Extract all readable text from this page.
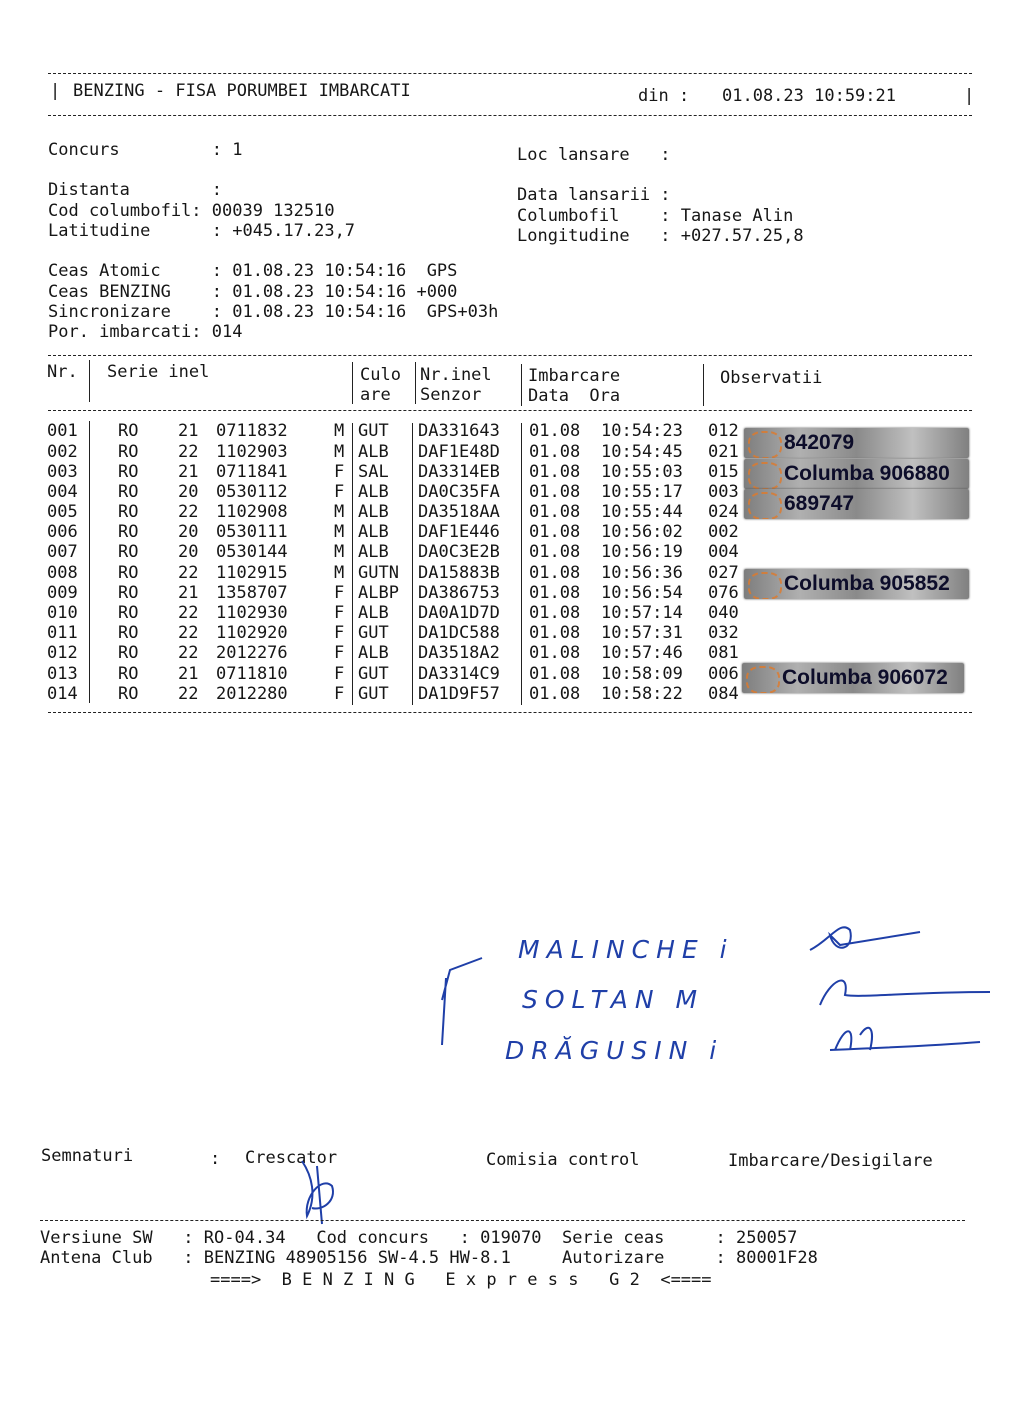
| BENZING - FISA PORUMBEI IMBARCATI	din : 01.08.23 10:59:21	|
Concurs         : 1	Loc lansare   :
Distanta        :	Data lansarii :
Cod columbofil: 00039 132510	Columbofil    : Tanase Alin
Latitudine      : +045.17.23,7	Longitudine   : +027.57.25,8
Ceas Atomic     : 01.08.23 10:54:16  GPS
Ceas BENZING    : 01.08.23 10:54:16 +000
Sincronizare    : 01.08.23 10:54:16  GPS+03h
Por. imbarcati: 014
Nr. Serie inel	Culo
are
Nr.inel
Senzor
Imbarcare
Data  Ora
Observatii
001 RO 21 0711832	M GUT DA331643 01.08 10:54:23 012
002 RO 22 1102903	M ALB DAF1E48D 01.08 10:54:45 021
003 RO 21 0711841	F SAL DA3314EB 01.08 10:55:03 015
004 RO 20 0530112	F ALB DA0C35FA 01.08 10:55:17 003
005 RO 22 1102908	M ALB DA3518AA 01.08 10:55:44 024
006 RO 20 0530111	M ALB DAF1E446 01.08 10:56:02 002
007 RO 20 0530144	M ALB DA0C3E2B 01.08 10:56:19 004
008 RO 22 1102915	M GUTN DA15883B 01.08 10:56:36 027
009 RO 21 1358707	F ALBP DA386753 01.08 10:56:54 076
010 RO 22 1102930	F ALB DA0A1D7D 01.08 10:57:14 040
011 RO 22 1102920	F GUT DA1DC588 01.08 10:57:31 032
012 RO 22 2012276	F ALB DA3518A2 01.08 10:57:46 081
013 RO 21 0711810	F GUT DA3314C9 01.08 10:58:09 006
014 RO 22 2012280	F GUT DA1D9F57 01.08 10:58:22 084
842079
Columba 906880
689747
Columba 905852
Columba 906072
MALINCHE i
SOLTAN M
DRĂGUSIN i
Semnaturi	: Crescator	Comisia control	Imbarcare/Desigilare
Versiune SW   : RO-04.34   Cod concurs   : 019070  Serie ceas     : 250057
Antena Club   : BENZING 48905156 SW-4.5 HW-8.1     Autorizare     : 80001F28
====>  B E N Z I N G   E x p r e s s   G 2  <====
